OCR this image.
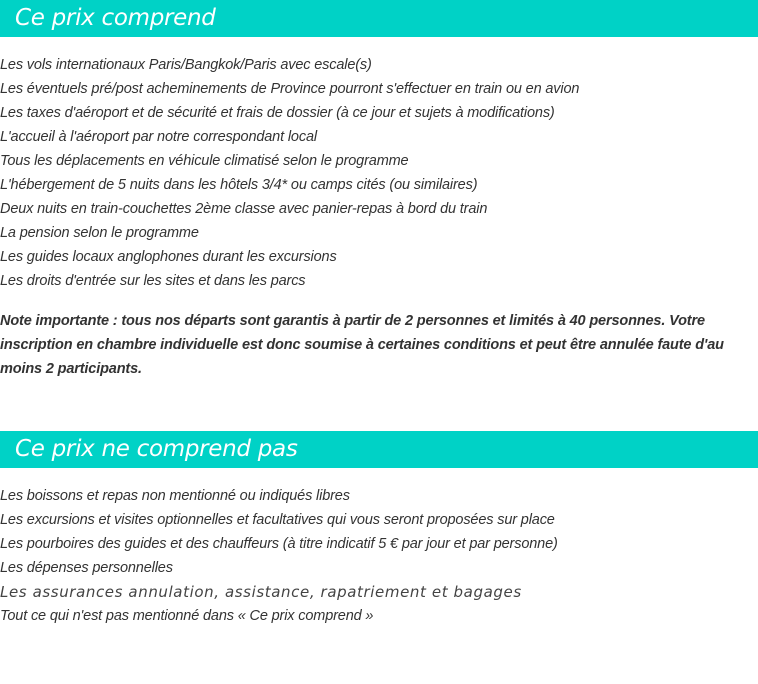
Ce prix comprend
Les vols internationaux Paris/Bangkok/Paris avec escale(s)
Les éventuels pré/post acheminements de Province pourront s'effectuer en train ou en avion
Les taxes d'aéroport et de sécurité et frais de dossier (à ce jour et sujets à modifications)
L'accueil à l'aéroport par notre correspondant local
Tous les déplacements en véhicule climatisé selon le programme
L'hébergement de 5 nuits dans les hôtels 3/4* ou camps cités (ou similaires)
Deux nuits en train-couchettes 2ème classe avec panier-repas à bord du train
La pension selon le programme
Les guides locaux anglophones durant les excursions
Les droits d'entrée sur les sites et dans les parcs

Note importante : tous nos départs sont garantis à partir de 2 personnes et limités à 40 personnes. Votre inscription en chambre individuelle est donc soumise à certaines conditions et peut être annulée faute d'au moins 2 participants.

Ce prix ne comprend pas
Les boissons et repas non mentionné ou indiqués libres
Les excursions et visites optionnelles et facultatives qui vous seront proposées sur place
Les pourboires des guides et des chauffeurs (à titre indicatif 5 € par jour et par personne)
Les dépenses personnelles
Les assurances annulation, assistance, rapatriement et bagages
Tout ce qui n'est pas mentionné dans « Ce prix comprend »
